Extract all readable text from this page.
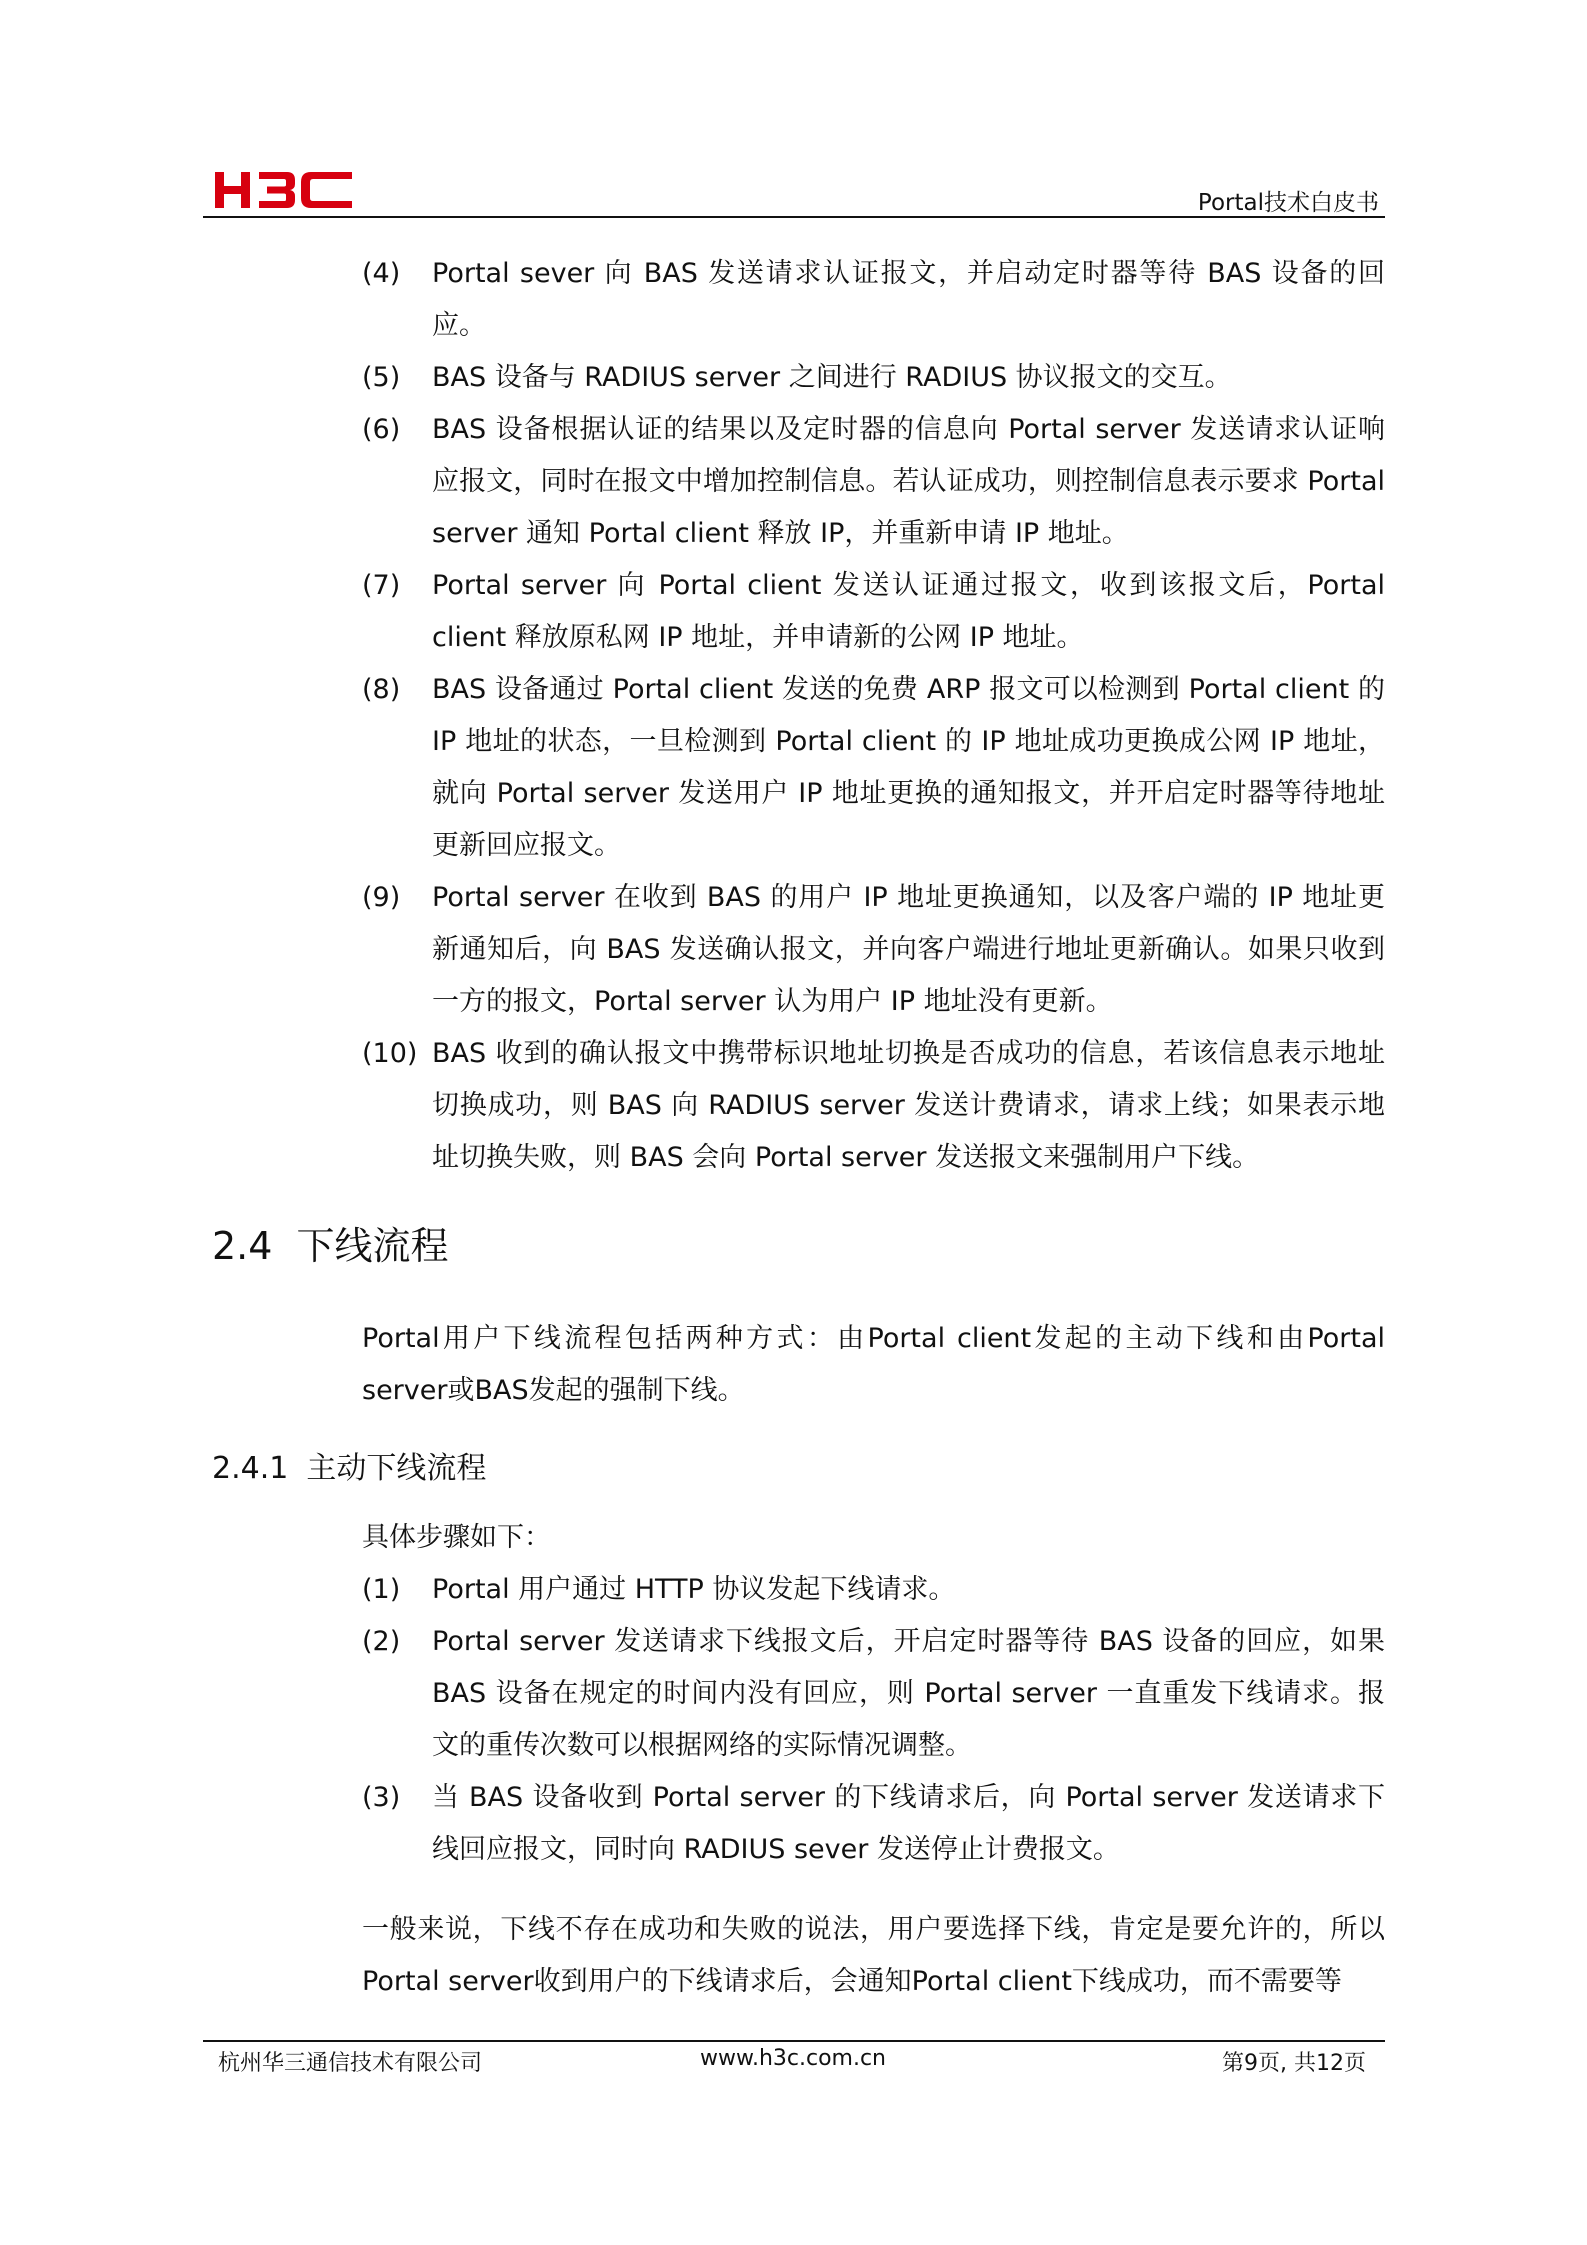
Portal技术白皮书
(4)	Portal sever 向 BAS 发送请求认证报文，并启动定时器等待 BAS 设备的回应。
(5)	BAS 设备与 RADIUS server 之间进行 RADIUS 协议报文的交互。
(6)	BAS 设备根据认证的结果以及定时器的信息向 Portal server 发送请求认证响应报文，同时在报文中增加控制信息。若认证成功，则控制信息表示要求 Portal server 通知 Portal client 释放 IP，并重新申请 IP 地址。
(7)	Portal server 向 Portal client 发送认证通过报文，收到该报文后，Portal client 释放原私网 IP 地址，并申请新的公网 IP 地址。
(8)	BAS 设备通过 Portal client 发送的免费 ARP 报文可以检测到 Portal client 的 IP 地址的状态，一旦检测到 Portal client 的 IP 地址成功更换成公网 IP 地址，就向 Portal server 发送用户 IP 地址更换的通知报文，并开启定时器等待地址更新回应报文。
(9)	Portal server 在收到 BAS 的用户 IP 地址更换通知，以及客户端的 IP 地址更新通知后，向 BAS 发送确认报文，并向客户端进行地址更新确认。如果只收到一方的报文，Portal server 认为用户 IP 地址没有更新。
(10) BAS 收到的确认报文中携带标识地址切换是否成功的信息，若该信息表示地址切换成功，则 BAS 向 RADIUS server 发送计费请求，请求上线；如果表示地址切换失败，则 BAS 会向 Portal server 发送报文来强制用户下线。
2.4 下线流程
Portal用户下线流程包括两种方式：由Portal client发起的主动下线和由Portal server或BAS发起的强制下线。
2.4.1 主动下线流程
具体步骤如下：
(1)	Portal 用户通过 HTTP 协议发起下线请求。
(2)	Portal server 发送请求下线报文后，开启定时器等待 BAS 设备的回应，如果 BAS 设备在规定的时间内没有回应，则 Portal server 一直重发下线请求。报文的重传次数可以根据网络的实际情况调整。
(3)	当 BAS 设备收到 Portal server 的下线请求后，向 Portal server 发送请求下线回应报文，同时向 RADIUS sever 发送停止计费报文。
一般来说，下线不存在成功和失败的说法，用户要选择下线，肯定是要允许的，所以Portal server收到用户的下线请求后，会通知Portal client下线成功，而不需要等
杭州华三通信技术有限公司	www.h3c.com.cn	第9页, 共12页
